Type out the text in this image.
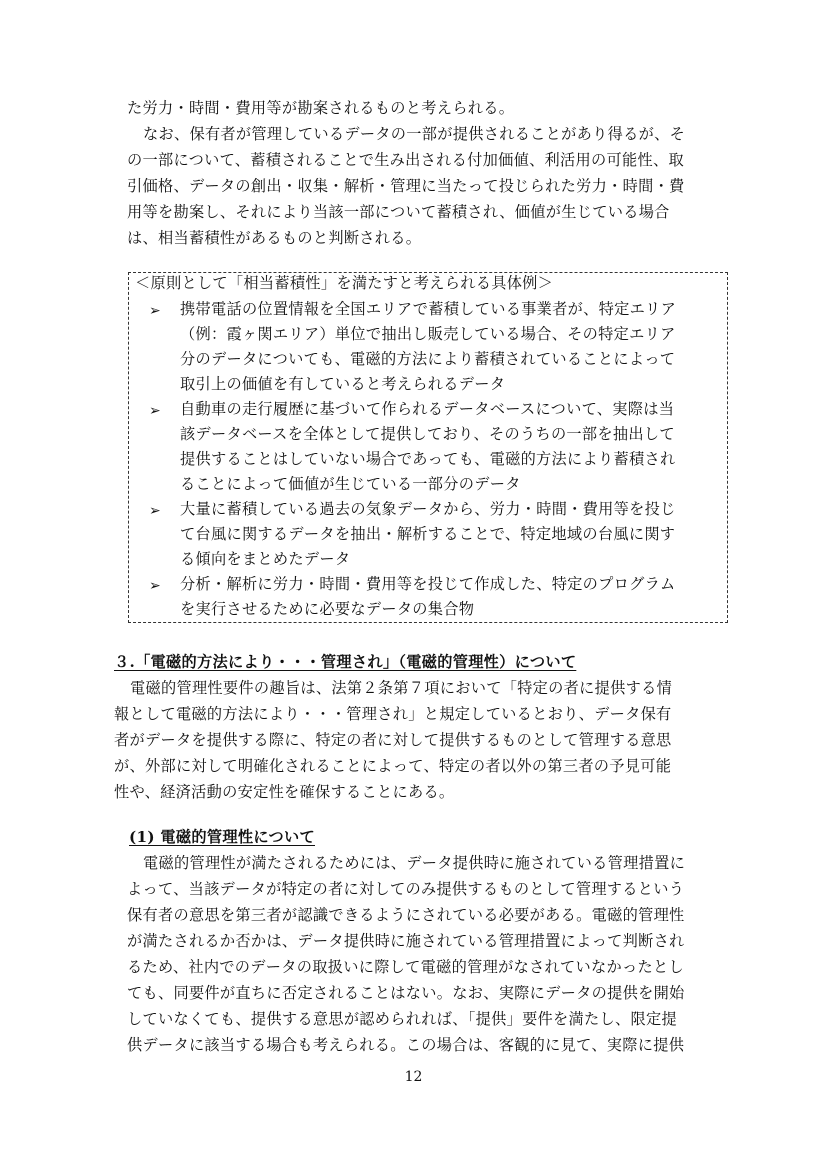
た労力・時間・費用等が勘案されるものと考えられる。
なお、保有者が管理しているデータの一部が提供されることがあり得るが、そ
の一部について、蓄積されることで生み出される付加価値、利活用の可能性、取
引価格、データの創出・収集・解析・管理に当たって投じられた労力・時間・費
用等を勘案し、それにより当該一部について蓄積され、価値が生じている場合
は、相当蓄積性があるものと判断される。
＜原則として「相当蓄積性」を満たすと考えられる具体例＞
➢ 携帯電話の位置情報を全国エリアで蓄積している事業者が、特定エリア
（例：霞ヶ関エリア）単位で抽出し販売している場合、その特定エリア
分のデータについても、電磁的方法により蓄積されていることによって
取引上の価値を有していると考えられるデータ
➢ 自動車の走行履歴に基づいて作られるデータベースについて、実際は当
該データベースを全体として提供しており、そのうちの一部を抽出して
提供することはしていない場合であっても、電磁的方法により蓄積され
ることによって価値が生じている一部分のデータ
➢ 大量に蓄積している過去の気象データから、労力・時間・費用等を投じ
て台風に関するデータを抽出・解析することで、特定地域の台風に関す
る傾向をまとめたデータ
➢ 分析・解析に労力・時間・費用等を投じて作成した、特定のプログラム
を実行させるために必要なデータの集合物
３.「電磁的方法により・・・管理され」（電磁的管理性）について
電磁的管理性要件の趣旨は、法第２条第７項において「特定の者に提供する情
報として電磁的方法により・・・管理され」と規定しているとおり、データ保有
者がデータを提供する際に、特定の者に対して提供するものとして管理する意思
が、外部に対して明確化されることによって、特定の者以外の第三者の予見可能
性や、経済活動の安定性を確保することにある。
(1) 電磁的管理性について
電磁的管理性が満たされるためには、データ提供時に施されている管理措置に
よって、当該データが特定の者に対してのみ提供するものとして管理するという
保有者の意思を第三者が認識できるようにされている必要がある。電磁的管理性
が満たされるか否かは、データ提供時に施されている管理措置によって判断され
るため、社内でのデータの取扱いに際して電磁的管理がなされていなかったとし
ても、同要件が直ちに否定されることはない。なお、実際にデータの提供を開始
していなくても、提供する意思が認められれば、「提供」要件を満たし、限定提
供データに該当する場合も考えられる。この場合は、客観的に見て、実際に提供
12
